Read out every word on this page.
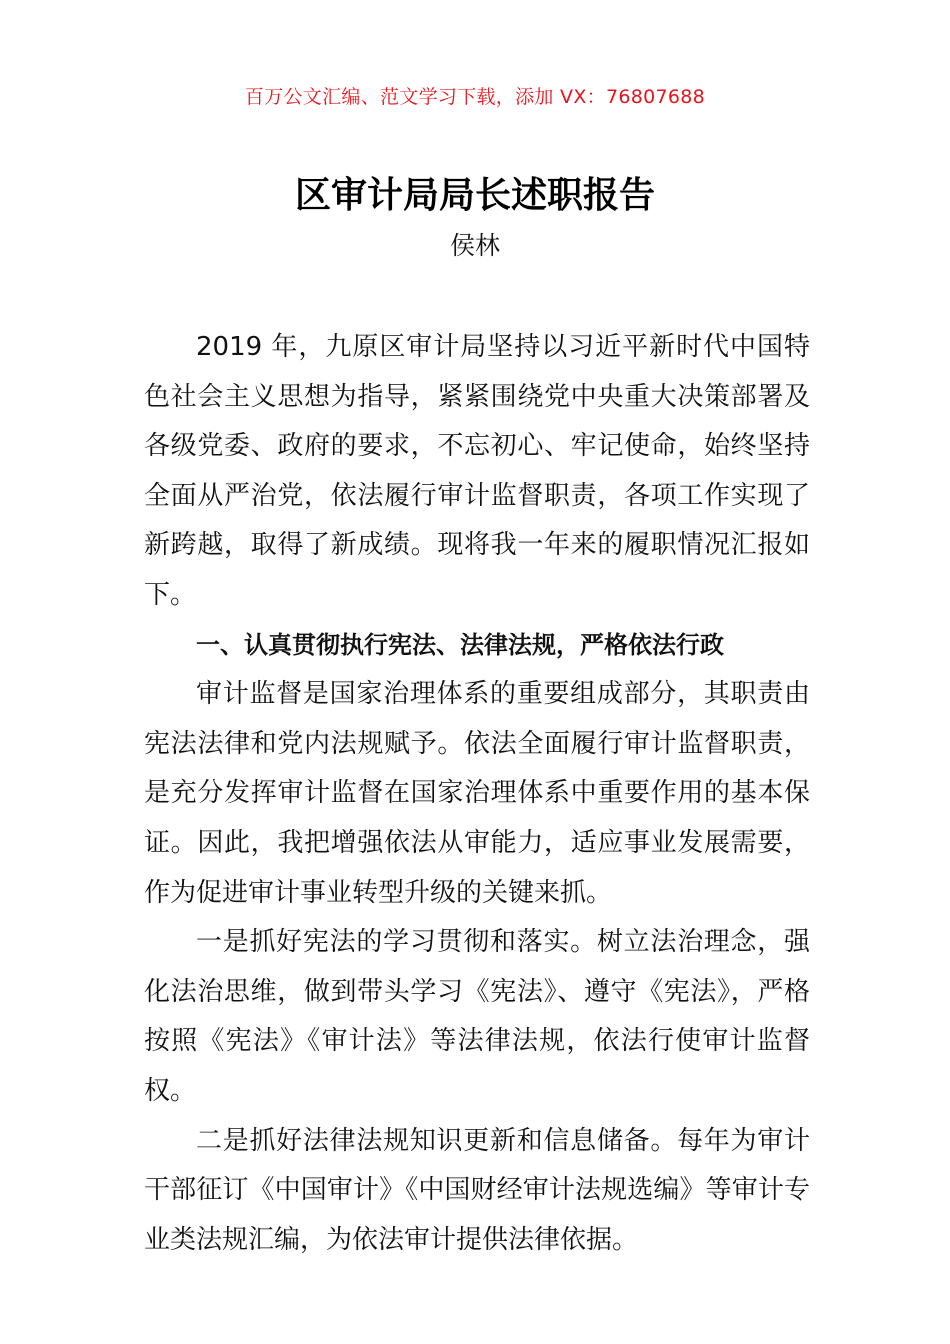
百万公文汇编、范文学习下载，添加 VX：76807688
区审计局局长述职报告
侯林

2019 年，九原区审计局坚持以习近平新时代中国特色社会主义思想为指导，紧紧围绕党中央重大决策部署及各级党委、政府的要求，不忘初心、牢记使命，始终坚持全面从严治党，依法履行审计监督职责，各项工作实现了新跨越，取得了新成绩。现将我一年来的履职情况汇报如下。

一、认真贯彻执行宪法、法律法规，严格依法行政

审计监督是国家治理体系的重要组成部分，其职责由宪法法律和党内法规赋予。依法全面履行审计监督职责，是充分发挥审计监督在国家治理体系中重要作用的基本保证。因此，我把增强依法从审能力，适应事业发展需要，作为促进审计事业转型升级的关键来抓。

一是抓好宪法的学习贯彻和落实。树立法治理念，强化法治思维，做到带头学习《宪法》、遵守《宪法》，严格按照《宪法》《审计法》等法律法规，依法行使审计监督权。

二是抓好法律法规知识更新和信息储备。每年为审计干部征订《中国审计》《中国财经审计法规选编》等审计专业类法规汇编，为依法审计提供法律依据。
